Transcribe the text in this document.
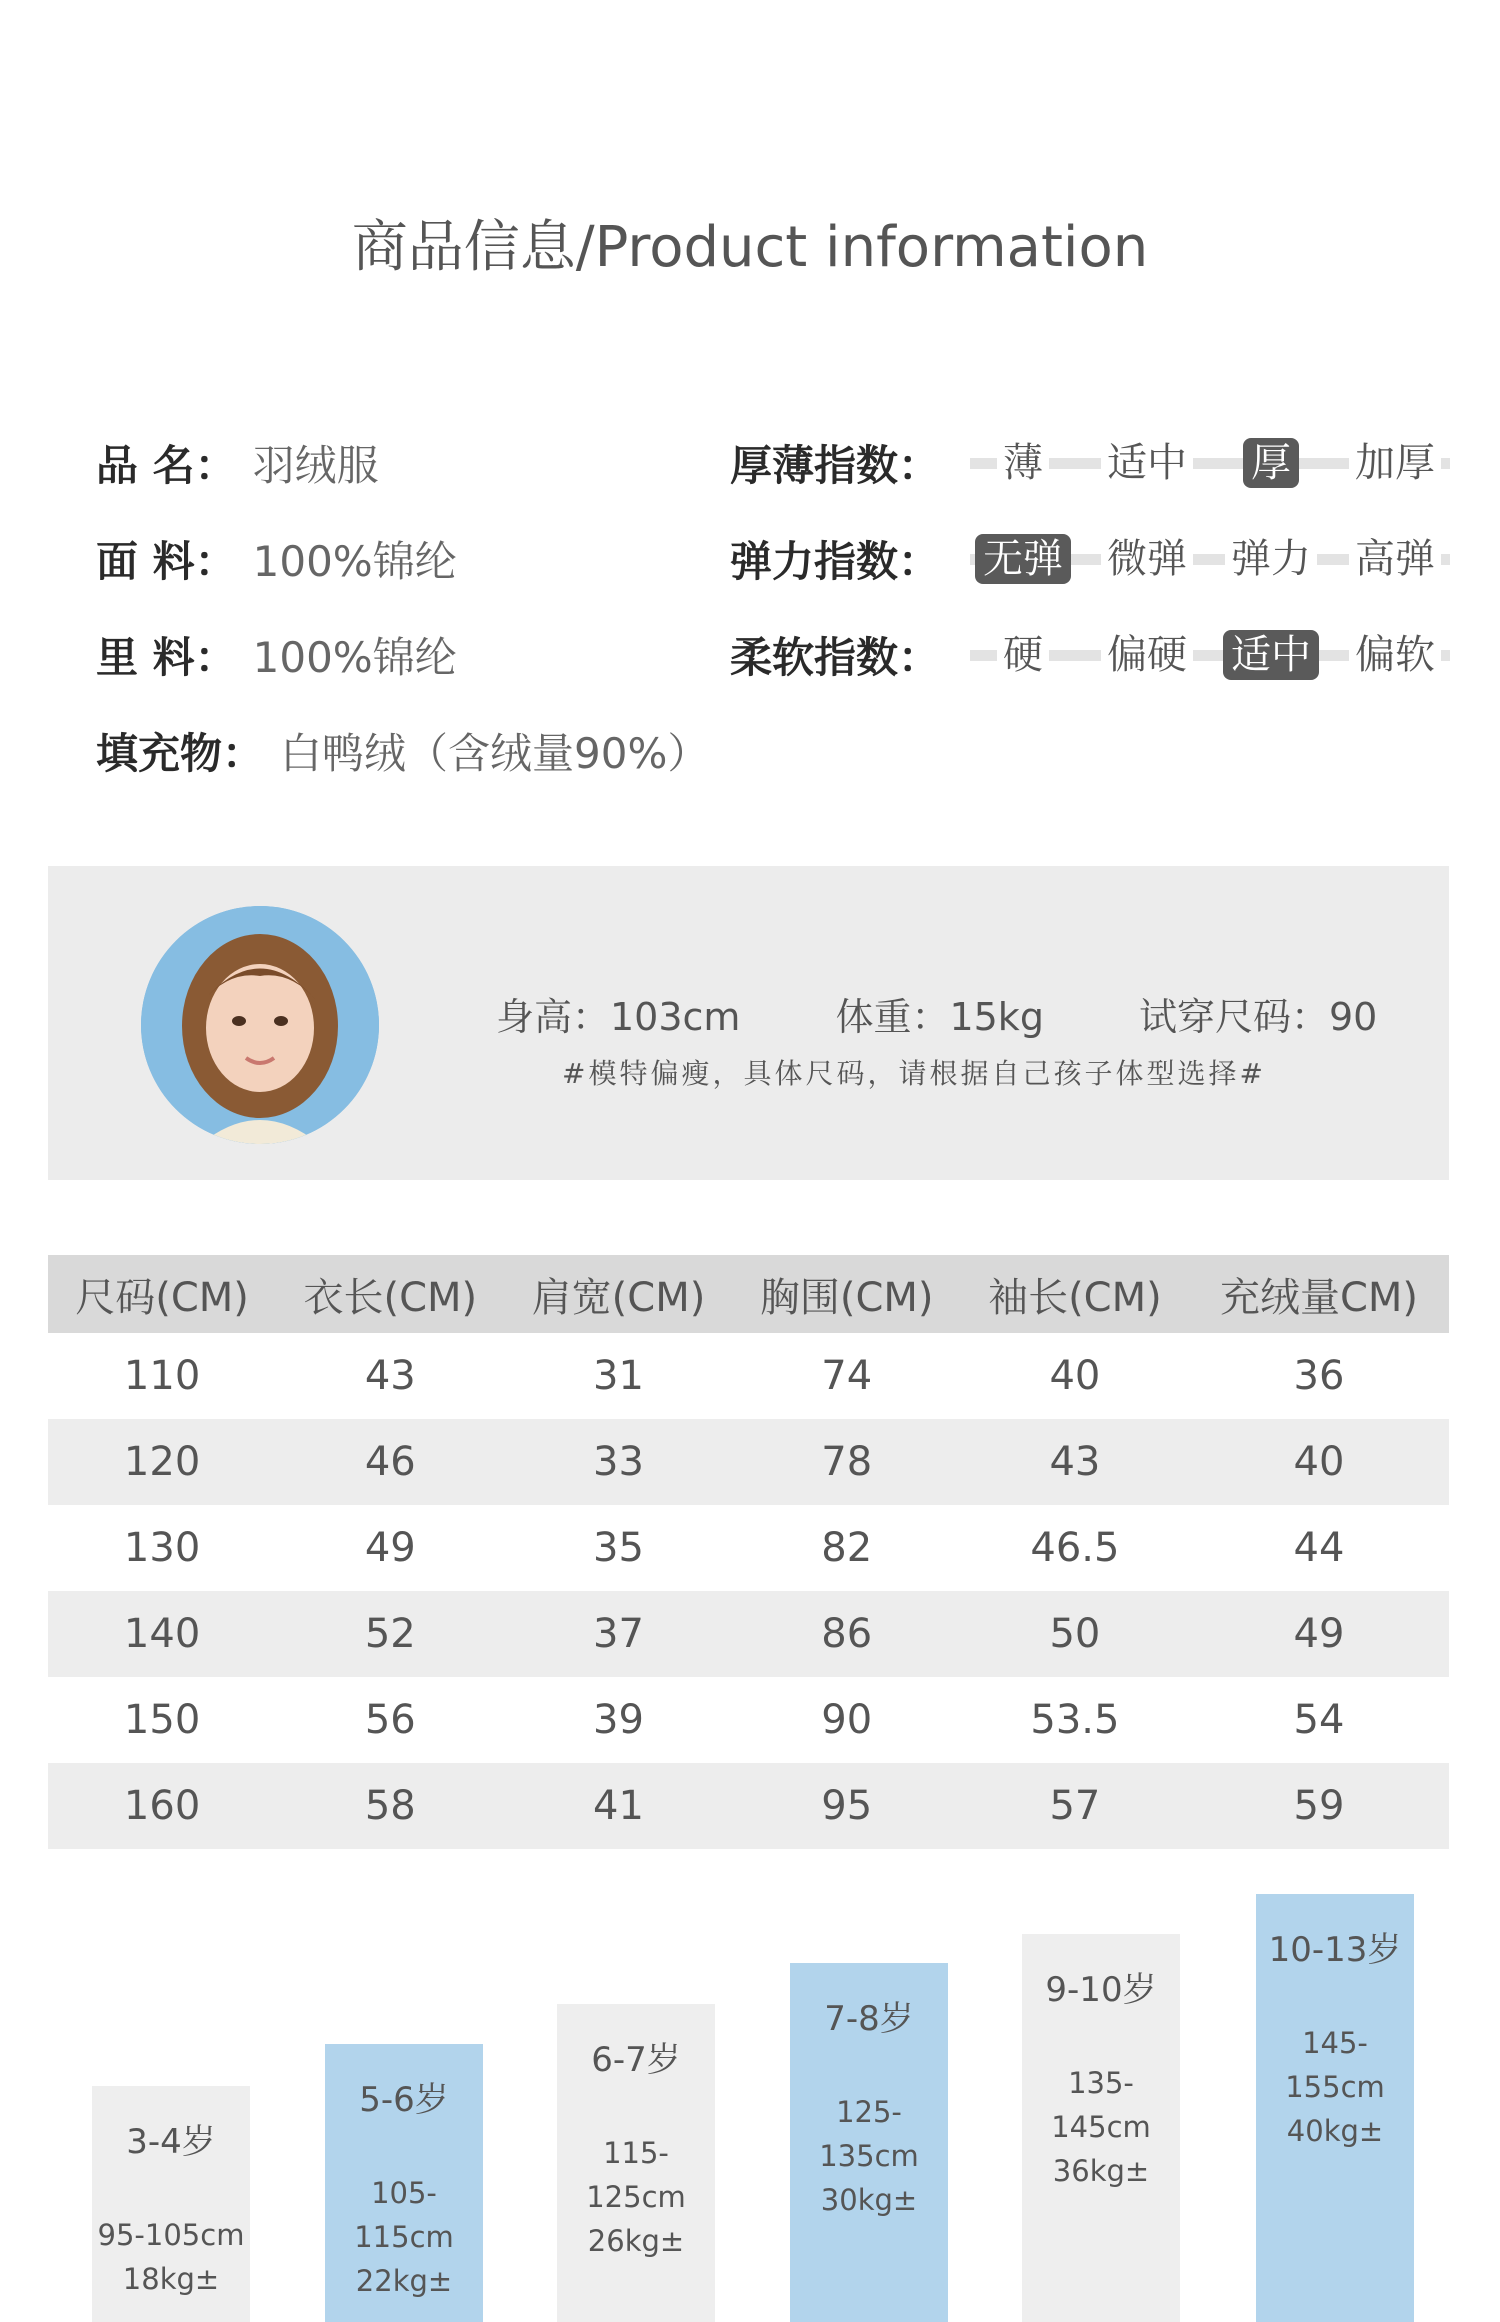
商品信息/Product information
品 名： 羽绒服
面 料： 100%锦纶
里 料： 100%锦纶
填充物： 白鸭绒（含绒量90%）
厚薄指数：	薄	适中	厚	加厚
弹力指数：	无弹	微弹	弹力	高弹
柔软指数：	硬	偏硬	适中	偏软
身高：103cm	体重：15kg	试穿尺码：90
#模特偏瘦，具体尺码，请根据自己孩子体型选择#
尺码(CM)	衣长(CM)	肩宽(CM)	胸围(CM)	袖长(CM)	充绒量CM)
110	43	31	74	40	36
120	46	33	78	43	40
130	49	35	82	46.5	44
140	52	37	86	50	49
150	56	39	90	53.5	54
160	58	41	95	57	59
3-4岁
95-105cm
18kg±
5-6岁
105-115cm
22kg±
6-7岁
115-125cm
26kg±
7-8岁
125-135cm
30kg±
9-10岁
135-145cm
36kg±
10-13岁
145-155cm
40kg±
